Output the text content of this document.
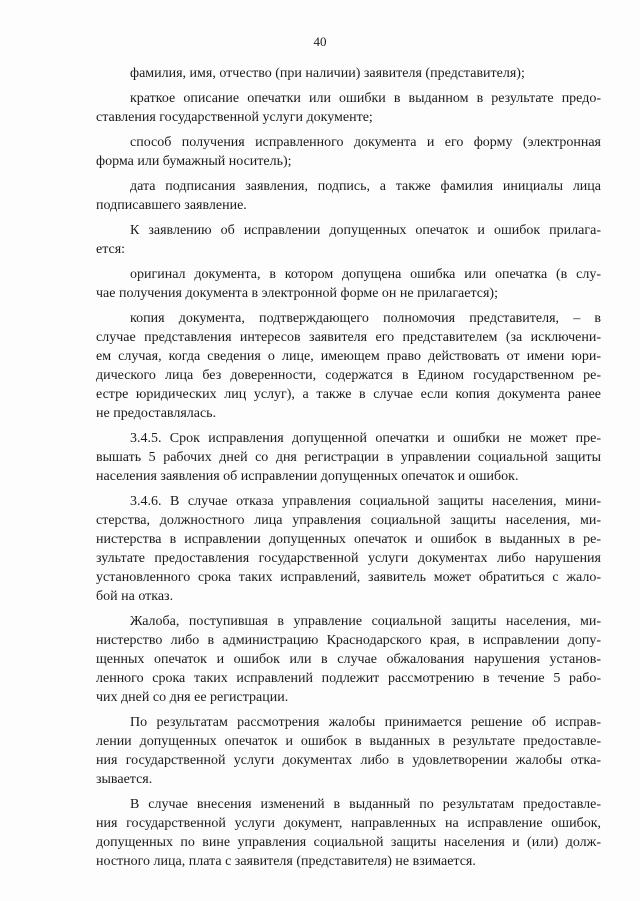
40
фамилия, имя, отчество (при наличии) заявителя (представителя);
краткое описание опечатки или ошибки в выданном в результате предо-
ставления государственной услуги документе;
способ получения исправленного документа и его форму (электронная
форма или бумажный носитель);
дата подписания заявления, подпись, а также фамилия инициалы лица
подписавшего заявление.
К заявлению об исправлении допущенных опечаток и ошибок прилага-
ется:
оригинал документа, в котором допущена ошибка или опечатка (в слу-
чае получения документа в электронной форме он не прилагается);
копия документа, подтверждающего полномочия представителя, – в
случае представления интересов заявителя его представителем (за исключени-
ем случая, когда сведения о лице, имеющем право действовать от имени юри-
дического лица без доверенности, содержатся в Едином государственном ре-
естре юридических лиц услуг), а также в случае если копия документа ранее
не предоставлялась.
3.4.5. Срок исправления допущенной опечатки и ошибки не может пре-
вышать 5 рабочих дней со дня регистрации в управлении социальной защиты
населения заявления об исправлении допущенных опечаток и ошибок.
3.4.6. В случае отказа управления социальной защиты населения, мини-
стерства, должностного лица управления социальной защиты населения, ми-
нистерства в исправлении допущенных опечаток и ошибок в выданных в ре-
зультате предоставления государственной услуги документах либо нарушения
установленного срока таких исправлений, заявитель может обратиться с жало-
бой на отказ.
Жалоба, поступившая в управление социальной защиты населения, ми-
нистерство либо в администрацию Краснодарского края, в исправлении допу-
щенных опечаток и ошибок или в случае обжалования нарушения установ-
ленного срока таких исправлений подлежит рассмотрению в течение 5 рабо-
чих дней со дня ее регистрации.
По результатам рассмотрения жалобы принимается решение об исправ-
лении допущенных опечаток и ошибок в выданных в результате предоставле-
ния государственной услуги документах либо в удовлетворении жалобы отка-
зывается.
В случае внесения изменений в выданный по результатам предоставле-
ния государственной услуги документ, направленных на исправление ошибок,
допущенных по вине управления социальной защиты населения и (или) долж-
ностного лица, плата с заявителя (представителя) не взимается.
